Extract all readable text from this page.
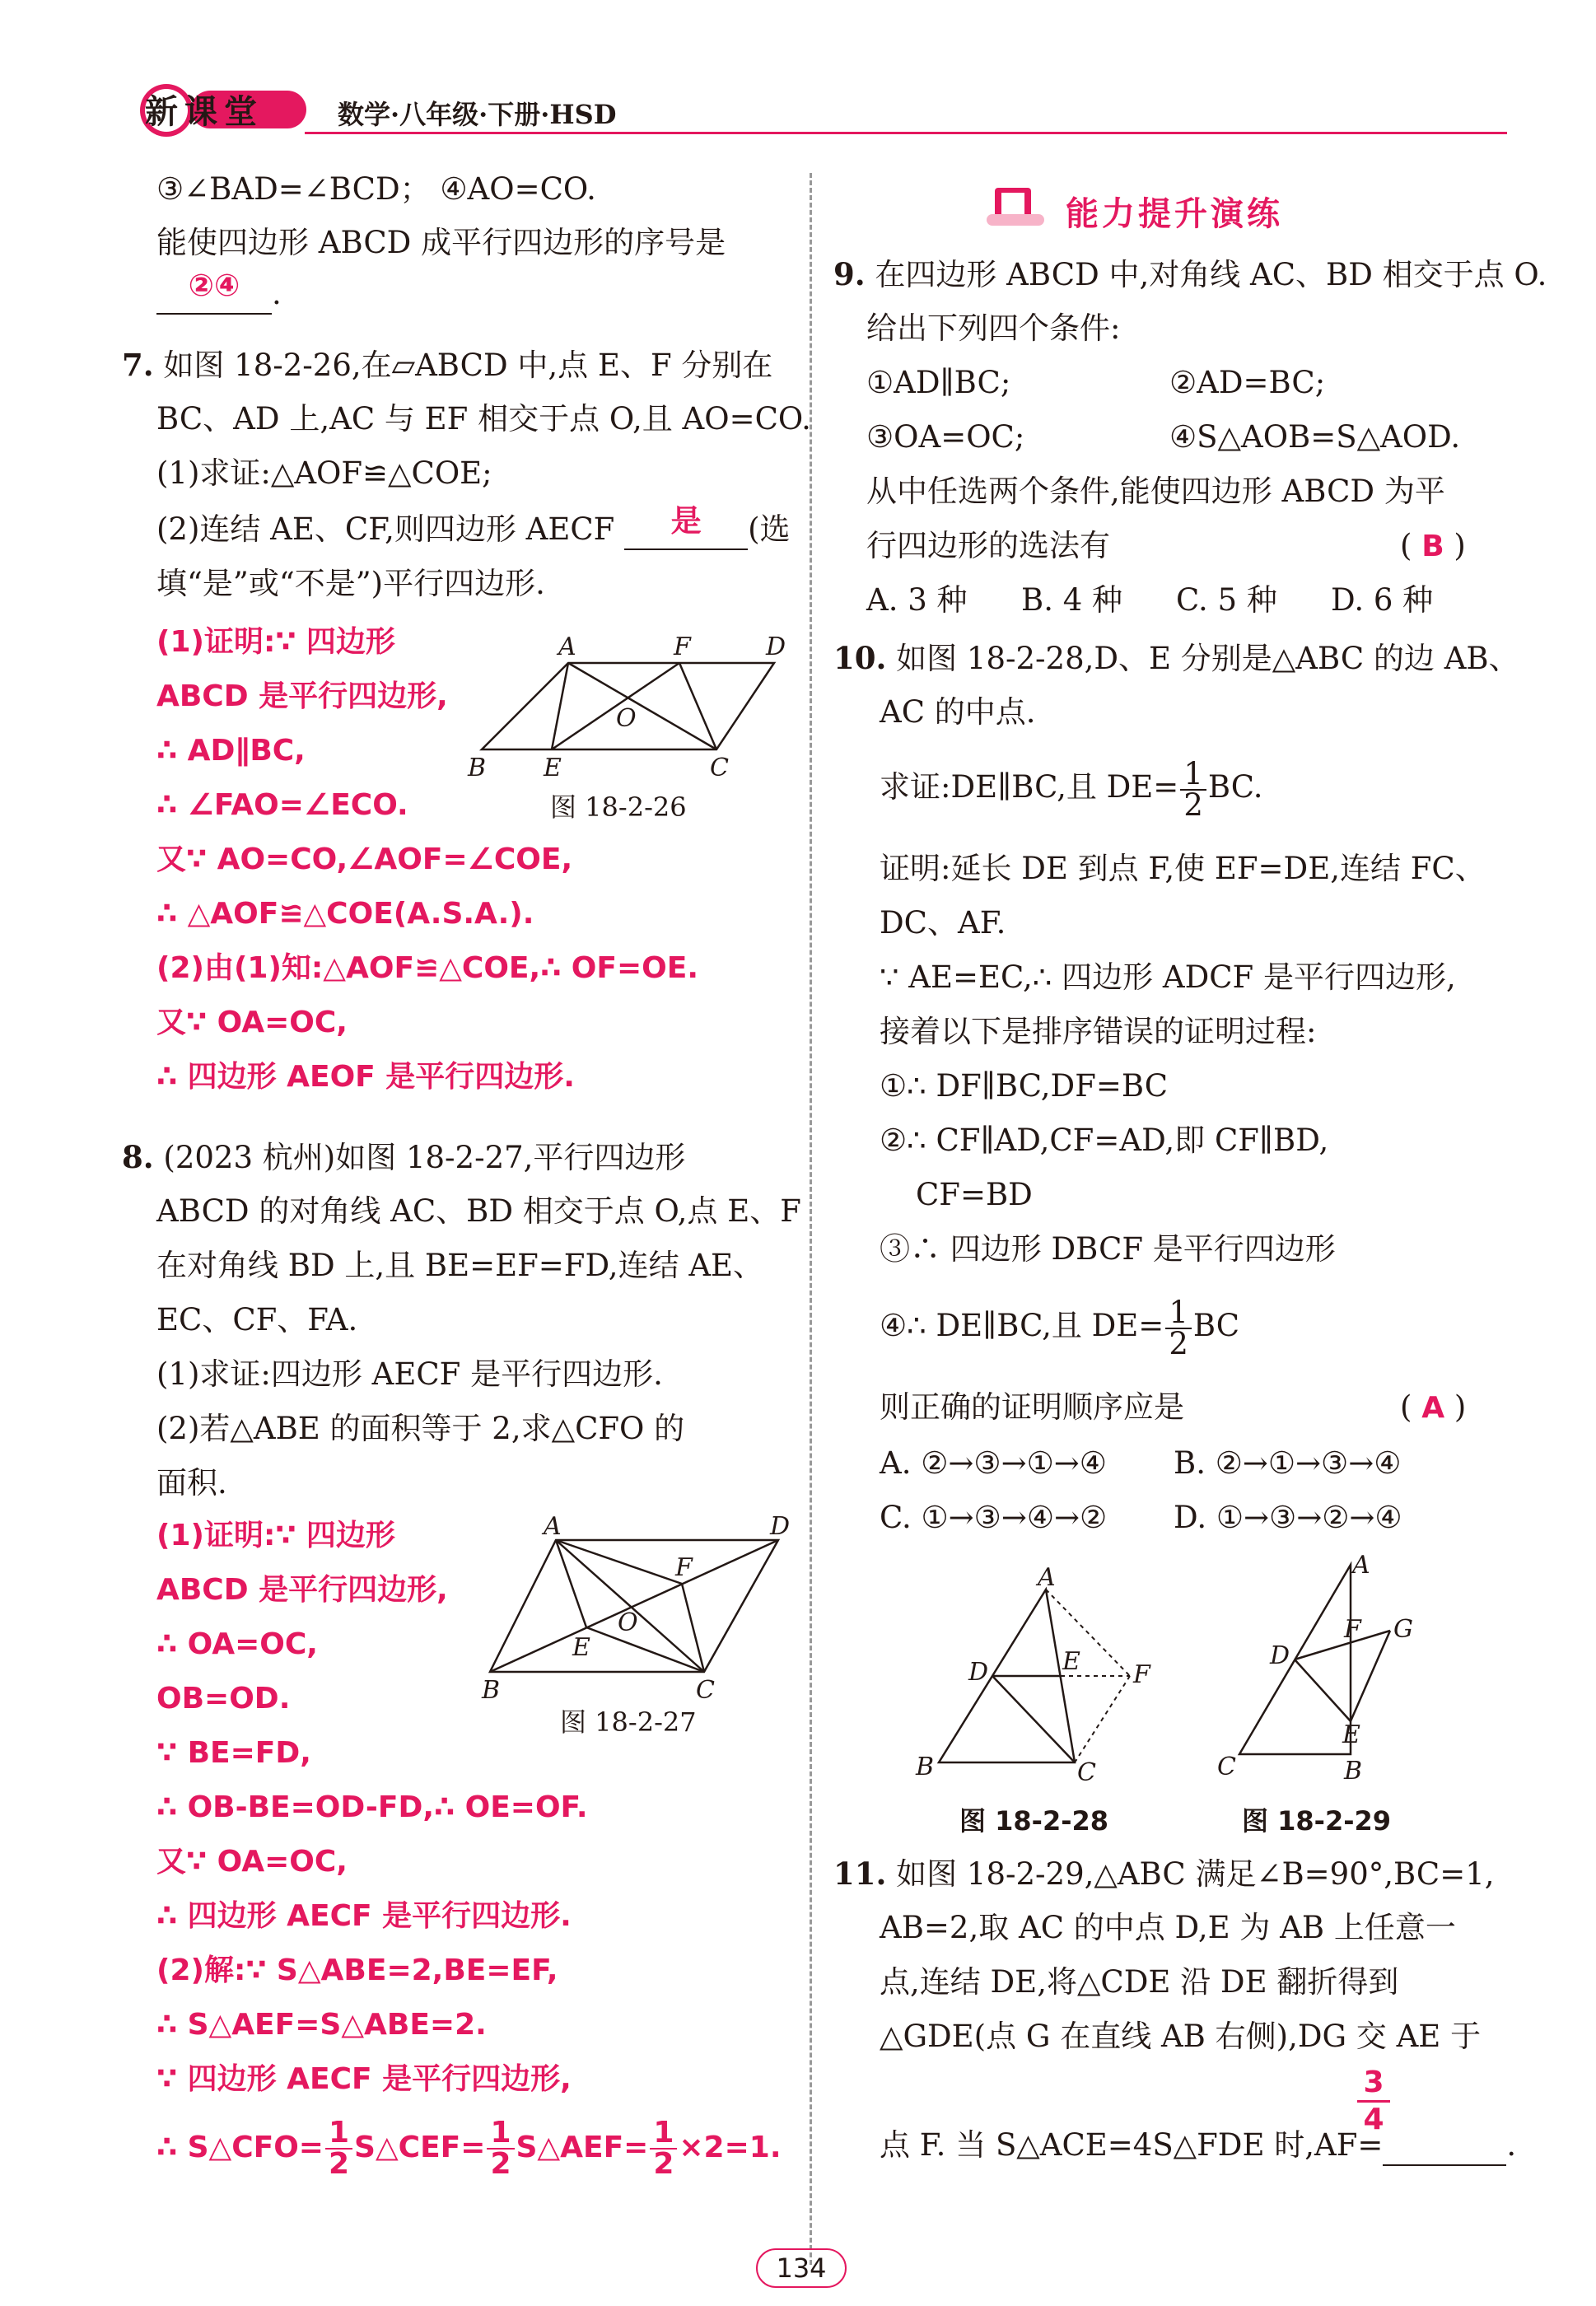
新课堂	数学·八年级·下册·HSD
③∠BAD=∠BCD； ④AO=CO.
能使四边形 ABCD 成平行四边形的序号是
②④	.
7. 如图 18-2-26,在▱ABCD 中,点 E、F 分别在
BC、AD 上,AC 与 EF 相交于点 O,且 AO=CO.
(1)求证:△AOF≌△COE;
(2)连结 AE、CF,则四边形 AECF	是	(选
填“是”或“不是”)平行四边形.
(1)证明:∵ 四边形
ABCD 是平行四边形,
∴ AD∥BC,
∴ ∠FAO=∠ECO.
又∵ AO=CO,∠AOF=∠COE,
∴ △AOF≌△COE(A.S.A.).
(2)由(1)知:△AOF≌△COE,∴ OF=OE.
又∵ OA=OC,
∴ 四边形 AEOF 是平行四边形.
A	F	D
O
B E	C
图 18-2-26
8. (2023 杭州)如图 18-2-27,平行四边形
ABCD 的对角线 AC、BD 相交于点 O,点 E、F
在对角线 BD 上,且 BE=EF=FD,连结 AE、
EC、CF、FA.
(1)求证:四边形 AECF 是平行四边形.
(2)若△ABE 的面积等于 2,求△CFO 的
面积.
(1)证明:∵ 四边形
ABCD 是平行四边形,
∴ OA=OC,
OB=OD.
∵ BE=FD,
∴ OB-BE=OD-FD,∴ OE=OF.
又∵ OA=OC,
∴ 四边形 AECF 是平行四边形.
(2)解:∵ S△ABE=2,BE=EF,
∴ S△AEF=S△ABE=2.
∵ 四边形 AECF 是平行四边形,
∴ S△CFO= $\frac{1}{2}$ S△CEF= $\frac{1}{2}$ S△AEF= $\frac{1}{2} \times 2=1$.
A	D
F
O
E
B	C
图 18-2-27
能力提升演练
9. 在四边形 ABCD 中,对角线 AC、BD 相交于点 O.
给出下列四个条件:
①AD∥BC;	②AD=BC;
③OA=OC;	④S△AOB=S△AOD.
从中任选两个条件,能使四边形 ABCD 为平
行四边形的选法有	( B )
A. 3 种 B. 4 种 C. 5 种 D. 6 种
10. 如图 18-2-28,D、E 分别是△ABC 的边 AB、
AC 的中点.
求证:DE∥BC,且 $DE= \frac{1}{2}$ BC.
证明:延长 DE 到点 F,使 EF=DE,连结 FC、
DC、AF.
∵ AE=EC,∴ 四边形 ADCF 是平行四边形,
接着以下是排序错误的证明过程:
①∴ DF∥BC,DF=BC
②∴ CF∥AD,CF=AD,即 CF∥BD,
CF=BD
③∴ 四边形 DBCF 是平行四边形
④∴ DE∥BC,且 $DE= \frac{1}{2}$ BC
则正确的证明顺序应是	( A )
A. ②→③→①→④ B. ②→①→③→④
C. ①→③→④→② D. ①→③→②→④
A
D	E F
B	C
图 18-2-28
A
F G
D
E
C	B
图 18-2-29
11. 如图 18-2-29,△ABC 满足∠B=90°,BC=1,
AB=2,取 AC 的中点 D,E 为 AB 上任意一
点,连结 DE,将△CDE 沿 DE 翻折得到
△GDE(点 G 在直线 AB 右侧),DG 交 AE 于
点 F. 当 S△ACE=4S△FDE 时,AF=	.
$\frac{3}{4}$
134
